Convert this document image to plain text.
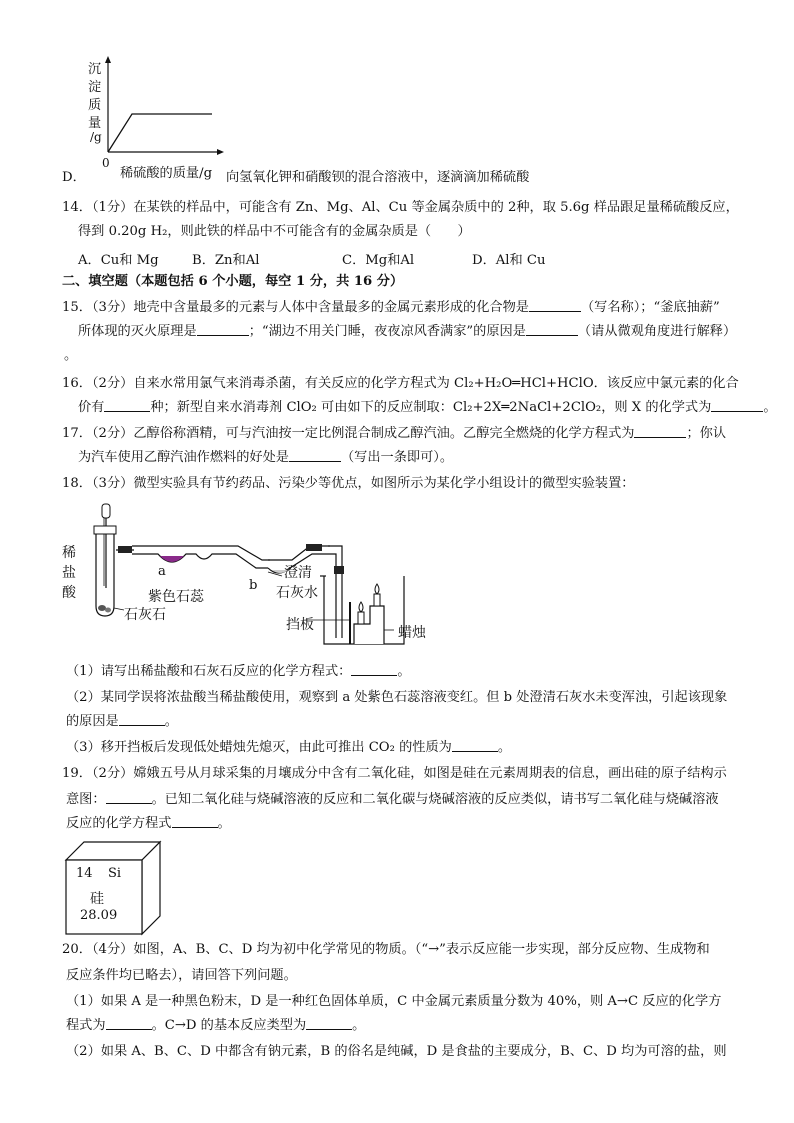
D．
沉
淀
质
量
/g
0
稀硫酸的质量/g 向氢氧化钾和硝酸钡的混合溶液中，逐滴滴加稀硫酸
14．（1分）在某铁的样品中，可能含有 Zn、Mg、Al、Cu 等金属杂质中的 2种，取 5.6g 样品跟足量稀硫酸反应，
得到 0.20g H₂，则此铁的样品中不可能含有的金属杂质是（　　）
A．Cu和 Mg	B．Zn和Al	C．Mg和Al	D．Al和 Cu
二、填空题（本题包括 6 个小题，每空 1 分，共 16 分）
15．（3分）地壳中含量最多的元素与人体中含量最多的金属元素形成的化合物是	（写名称）；“釜底抽薪”
所体现的灭火原理是	；“湖边不用关门睡，夜夜凉风香满家”的原因是	（请从微观角度进行解释）
。
16．（2分）自来水常用氯气来消毒杀菌，有关反应的化学方程式为 Cl₂+H₂O═HCl+HClO．该反应中氯元素的化合
价有	种；新型自来水消毒剂 ClO₂ 可由如下的反应制取：Cl₂+2X═2NaCl+2ClO₂，则 X 的化学式为	。
17．（2分）乙醇俗称酒精，可与汽油按一定比例混合制成乙醇汽油。乙醇完全燃烧的化学方程式为	；你认
为汽车使用乙醇汽油作燃料的好处是	（写出一条即可）。
18．（3分）微型实验具有节约药品、污染少等优点，如图所示为某化学小组设计的微型实验装置：
稀
盐
酸
a
紫色石蕊
b
澄清
石灰水
石灰石
挡板	蜡烛
（1）请写出稀盐酸和石灰石反应的化学方程式：	。
（2）某同学误将浓盐酸当稀盐酸使用，观察到 a 处紫色石蕊溶液变红。但 b 处澄清石灰水未变浑浊，引起该现象
的原因是	。
（3）移开挡板后发现低处蜡烛先熄灭，由此可推出 CO₂ 的性质为	。
19．（2分）嫦娥五号从月球采集的月壤成分中含有二氧化硅，如图是硅在元素周期表的信息，画出硅的原子结构示
意图：	。已知二氧化硅与烧碱溶液的反应和二氧化碳与烧碱溶液的反应类似，请书写二氧化硅与烧碱溶液
反应的化学方程式	。
14 Si
硅
28.09
20．（4分）如图，A、B、C、D 均为初中化学常见的物质。（“→”表示反应能一步实现，部分反应物、生成物和
反应条件均已略去），请回答下列问题。
（1）如果 A 是一种黑色粉末，D 是一种红色固体单质，C 中金属元素质量分数为 40%，则 A→C 反应的化学方
程式为	。C→D 的基本反应类型为	。
（2）如果 A、B、C、D 中都含有钠元素，B 的俗名是纯碱，D 是食盐的主要成分，B、C、D 均为可溶的盐，则
